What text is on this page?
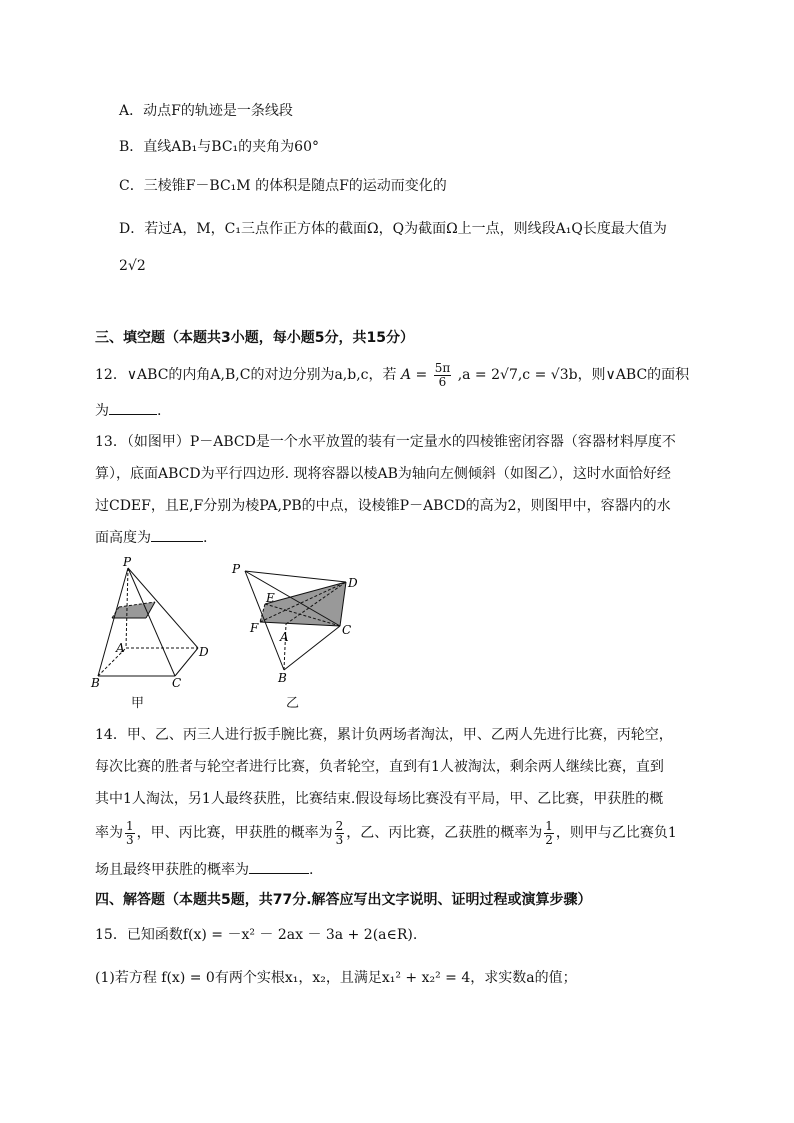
A．动点F的轨迹是一条线段
B．直线AB₁与BC₁的夹角为60°
C．三棱锥F－BC₁M 的体积是随点F的运动而变化的
D．若过A，M，C₁三点作正方体的截面Ω，Q为截面Ω上一点，则线段A₁Q长度最大值为
2√2
三、填空题（本题共3小题，每小题5分，共15分）
12．∨ABC的内角A,B,C的对边分别为a,b,c，若 $A = \frac{5\pi}{6} ,a = 2√7,c = √3b$，则∨ABC的面积
为	.
13．（如图甲）P－ABCD是一个水平放置的装有一定量水的四棱锥密闭容器（容器材料厚度不
算），底面ABCD为平行四边形. 现将容器以棱AB为轴向左侧倾斜（如图乙），这时水面恰好经
过CDEF，且E,F分别为棱PA,PB的中点，设棱锥P－ABCD的高为2，则图甲中，容器内的水
面高度为	.
P
A
B	C
D
甲
P
D
E
F
A	C
B
乙
14．甲、乙、丙三人进行扳手腕比赛，累计负两场者淘汰，甲、乙两人先进行比赛，丙轮空，
每次比赛的胜者与轮空者进行比赛，负者轮空，直到有1人被淘汰，剩余两人继续比赛，直到
其中1人淘汰，另1人最终获胜，比赛结束.假设每场比赛没有平局，甲、乙比赛，甲获胜的概
率为 $\frac{1}{3}$ ，甲、丙比赛，甲获胜的概率为 $\frac{2}{3}$ ，乙、丙比赛，乙获胜的概率为 $\frac{1}{2}$ ，则甲与乙比赛负1
场且最终甲获胜的概率为	.
四、解答题（本题共5题，共77分.解答应写出文字说明、证明过程或演算步骤）
15．已知函数f(x) = －x² － 2ax － 3a + 2(a∈R).
(1)若方程 f(x) = 0有两个实根x₁，x₂，且满足x₁² + x₂² = 4，求实数a的值；
